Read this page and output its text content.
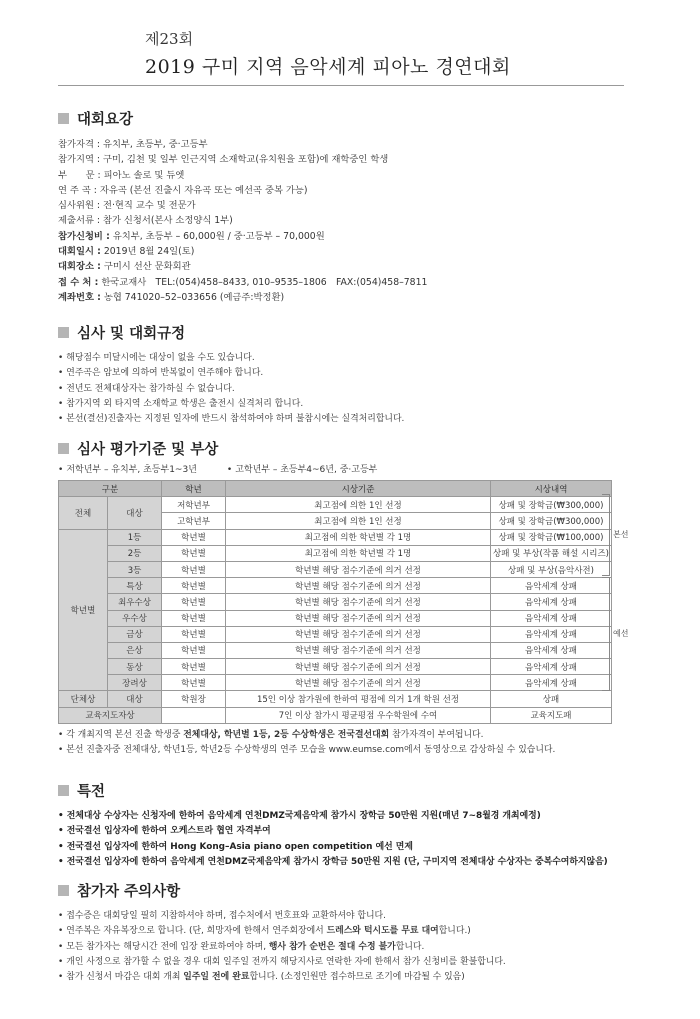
제23회
2019 구미 지역 음악세계 피아노 경연대회
대회요강
참가자격 : 유치부, 초등부, 중·고등부
참가지역 : 구미, 김천 및 일부 인근지역 소재학교(유치원을 포함)에 재학중인 학생
부　　문 : 피아노 솔로 및 듀엣
연 주 곡 : 자유곡 (본선 진출시 자유곡 또는 예선곡 중복 가능)
심사위원 : 전·현직 교수 및 전문가
제출서류 : 참가 신청서(본사 소정양식 1부)
참가신청비 : 유치부, 초등부 – 60,000원 / 중·고등부 – 70,000원
대회일시 : 2019년 8월 24일(토)
대회장소 : 구미시 선산 문화회관
접 수 처 : 한국교재사　TEL:(054)458–8433, 010–9535–1806　FAX:(054)458–7811
계좌번호 : 농협 741020–52–033656 (예금주:박정환)
심사 및 대회규정
• 해당점수 미달시에는 대상이 없을 수도 있습니다.
• 연주곡은 암보에 의하여 반복없이 연주해야 합니다.
• 전년도 전체대상자는 참가하실 수 없습니다.
• 참가지역 외 타지역 소재학교 학생은 출전시 실격처리 합니다.
• 본선(결선)진출자는 지정된 일자에 반드시 참석하여야 하며 불참시에는 실격처리합니다.
심사 평가기준 및 부상
• 저학년부 – 유치부, 초등부1~3년	• 고학년부 – 초등부4~6년, 중·고등부
구분		학년	시상기준	시상내역
전체	대상	저학년부	최고점에 의한 1인 선정	상패 및 장학금(₩300,000)
		고학년부	최고점에 의한 1인 선정	상패 및 장학금(₩300,000)
학년별	1등	학년별	최고점에 의한 학년별 각 1명	상패 및 장학금(₩100,000)
	2등	학년별	최고점에 의한 학년별 각 1명	상패 및 부상(작품 해설 시리즈)
	3등	학년별	학년별 해당 점수기준에 의거 선정	상패 및 부상(음악사전)
	특상	학년별	학년별 해당 점수기준에 의거 선정	음악세계 상패
	최우수상	학년별	학년별 해당 점수기준에 의거 선정	음악세계 상패
	우수상	학년별	학년별 해당 점수기준에 의거 선정	음악세계 상패
	금상	학년별	학년별 해당 점수기준에 의거 선정	음악세계 상패
	은상	학년별	학년별 해당 점수기준에 의거 선정	음악세계 상패
	동상	학년별	학년별 해당 점수기준에 의거 선정	음악세계 상패
	장려상	학년별	학년별 해당 점수기준에 의거 선정	음악세계 상패
단체상	대상	학원장	15인 이상 참가원에 한하여 평점에 의거 1개 학원 선정	상패
교육지도자상			7인 이상 참가시 평균평점 우수학원에 수여	교육지도패
• 각 개최지역 본선 진출 학생중 전체대상, 학년별 1등, 2등 수상학생은 전국결선대회 참가자격이 부여됩니다.
• 본선 진출자중 전체대상, 학년1등, 학년2등 수상학생의 연주 모습을 www.eumse.com에서 동영상으로 감상하실 수 있습니다.
본선
예선
특전
• 전체대상 수상자는 신청자에 한하여 음악세계 연천DMZ국제음악제 참가시 장학금 50만원 지원(매년 7~8월경 개최예정)
• 전국결선 입상자에 한하여 오케스트라 협연 자격부여
• 전국결선 입상자에 한하여 Hong Kong–Asia piano open competition 예선 면제
• 전국결선 입상자에 한하여 음악세계 연천DMZ국제음악제 참가시 장학금 50만원 지원 (단, 구미지역 전체대상 수상자는 중복수여하지않음)
참가자 주의사항
• 접수증은 대회당일 필히 지참하셔야 하며, 접수처에서 번호표와 교환하셔야 합니다.
• 연주복은 자유복장으로 합니다. (단, 희망자에 한해서 연주회장에서 드레스와 턱시도를 무료 대여합니다.)
• 모든 참가자는 해당시간 전에 입장 완료하여야 하며, 행사 참가 순번은 절대 수정 불가합니다.
• 개인 사정으로 참가할 수 없을 경우 대회 일주일 전까지 해당지사로 연락한 자에 한해서 참가 신청비를 환불합니다.
• 참가 신청서 마감은 대회 개최 일주일 전에 완료합니다. (소정인원만 접수하므로 조기에 마감될 수 있음)
